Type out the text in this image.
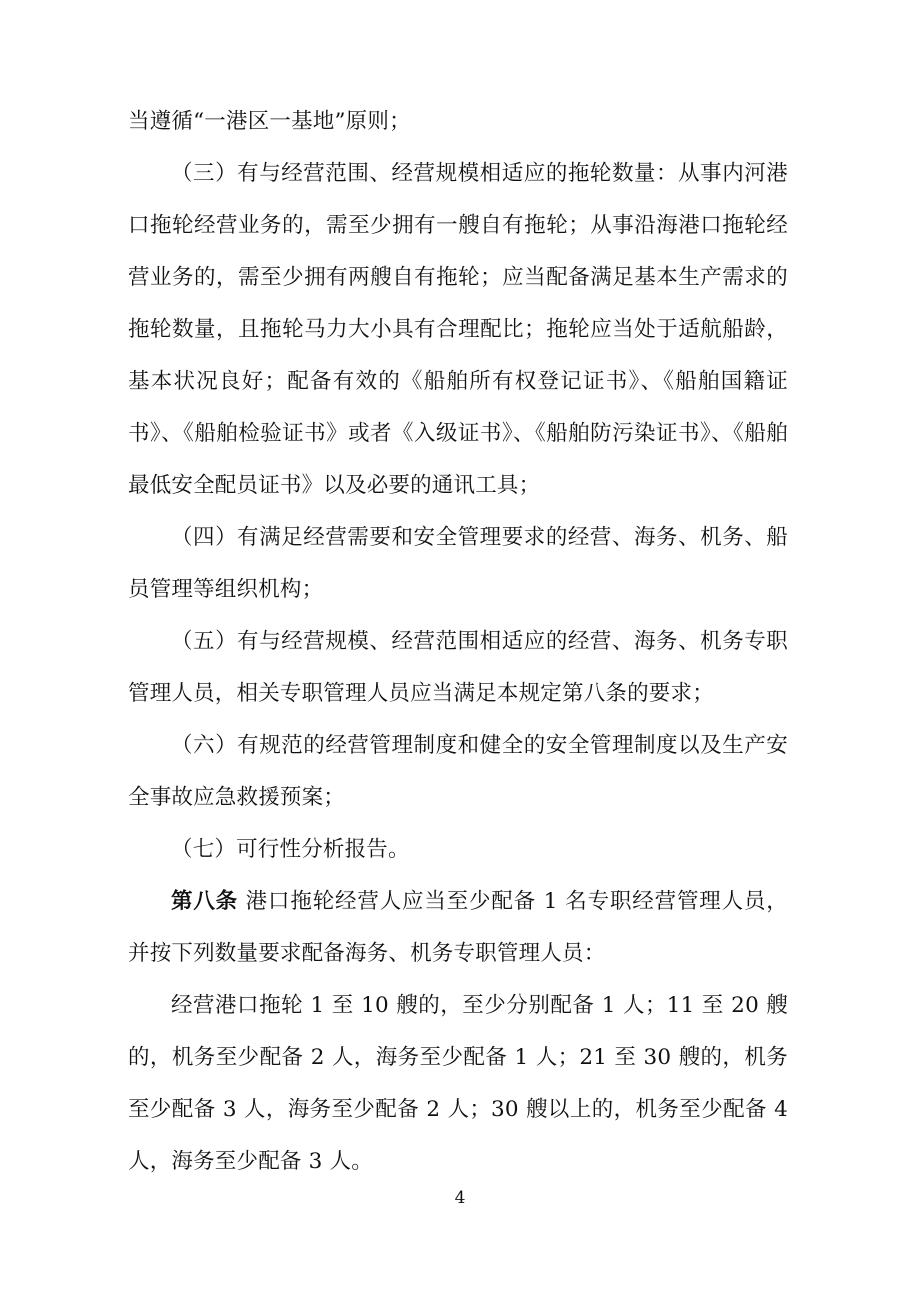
当遵循“一港区一基地”原则；

（三）有与经营范围、经营规模相适应的拖轮数量：从事内河港口拖轮经营业务的，需至少拥有一艘自有拖轮；从事沿海港口拖轮经营业务的，需至少拥有两艘自有拖轮；应当配备满足基本生产需求的拖轮数量，且拖轮马力大小具有合理配比；拖轮应当处于适航船龄，基本状况良好；配备有效的《船舶所有权登记证书》、《船舶国籍证书》、《船舶检验证书》或者《入级证书》、《船舶防污染证书》、《船舶最低安全配员证书》以及必要的通讯工具；

（四）有满足经营需要和安全管理要求的经营、海务、机务、船员管理等组织机构；

（五）有与经营规模、经营范围相适应的经营、海务、机务专职管理人员，相关专职管理人员应当满足本规定第八条的要求；

（六）有规范的经营管理制度和健全的安全管理制度以及生产安全事故应急救援预案；

（七）可行性分析报告。

第八条 港口拖轮经营人应当至少配备 1 名专职经营管理人员，并按下列数量要求配备海务、机务专职管理人员：

经营港口拖轮 1 至 10 艘的，至少分别配备 1 人；11 至 20 艘的，机务至少配备 2 人，海务至少配备 1 人；21 至 30 艘的，机务至少配备 3 人，海务至少配备 2 人；30 艘以上的，机务至少配备 4 人，海务至少配备 3 人。

4
